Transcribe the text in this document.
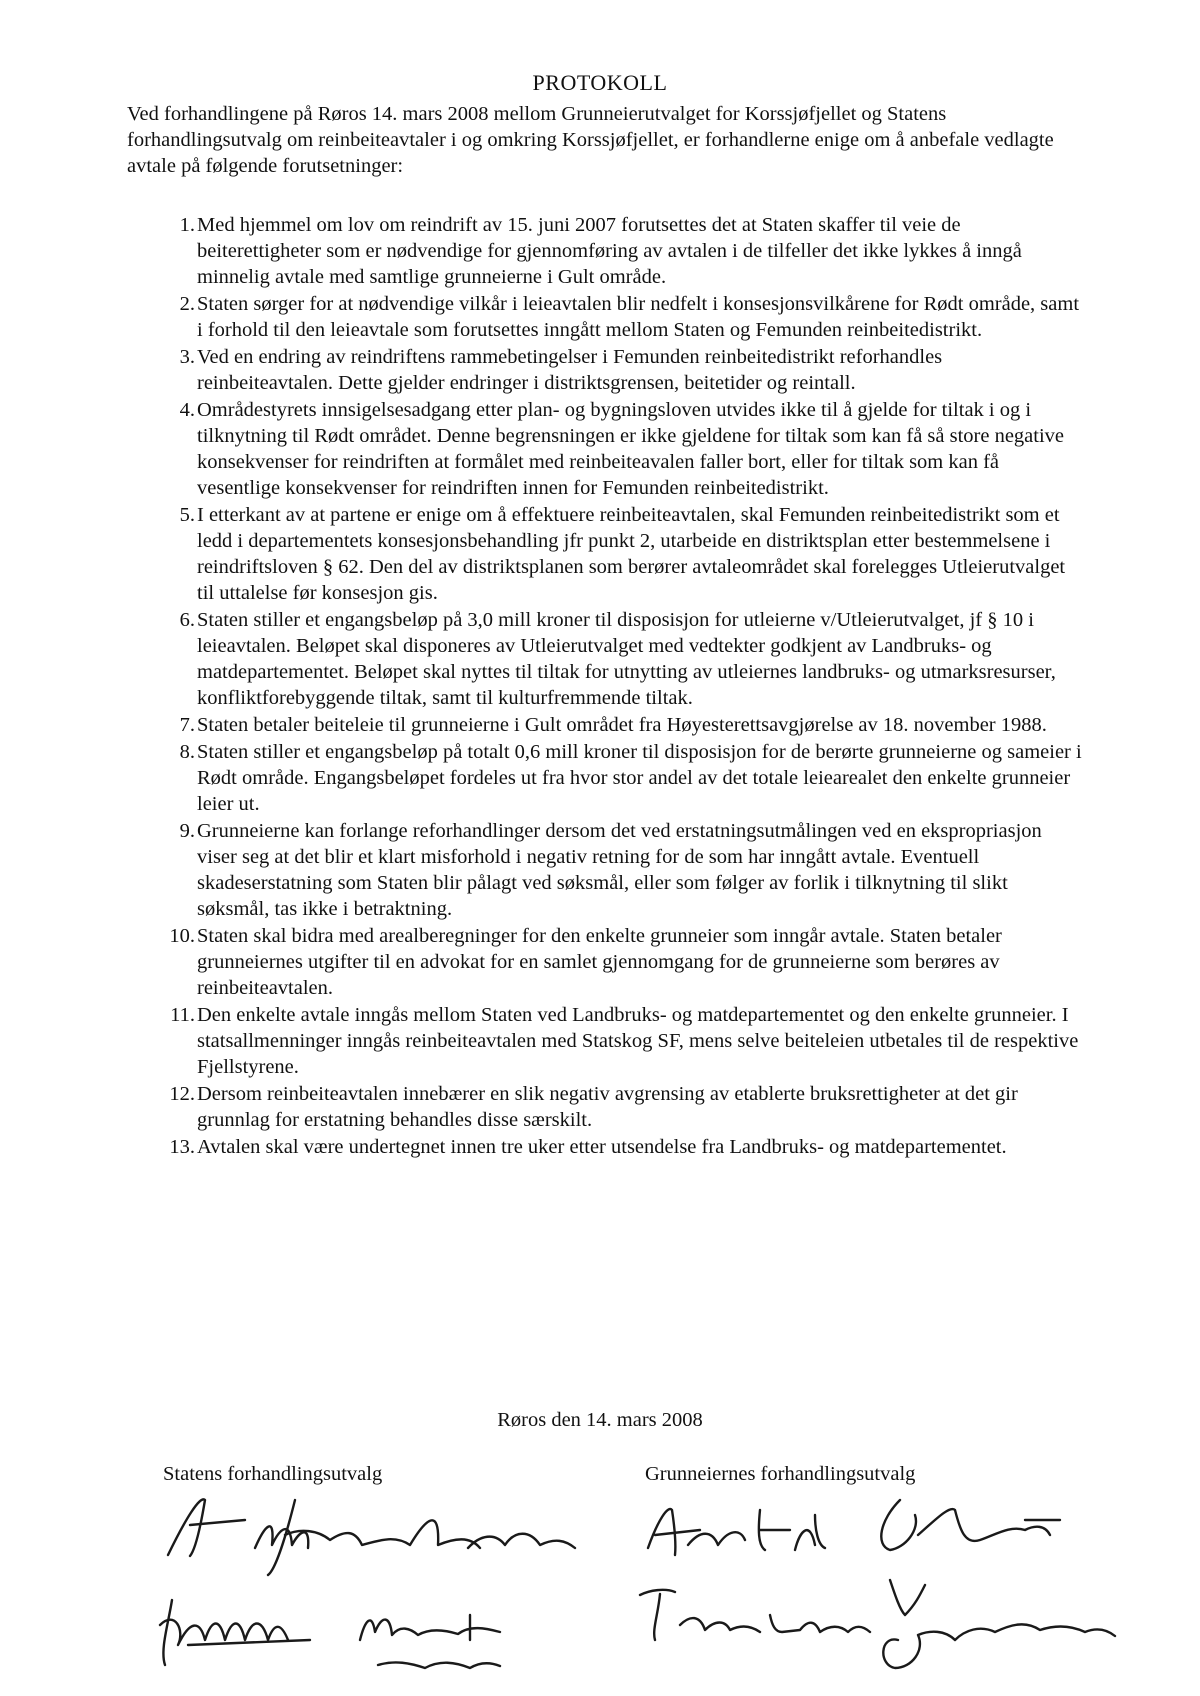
PROTOKOLL

Ved forhandlingene på Røros 14. mars 2008 mellom Grunneierutvalget for Korssjøfjellet og Statens forhandlingsutvalg om reinbeiteavtaler i og omkring Korssjøfjellet, er forhandlerne enige om å anbefale vedlagte avtale på følgende forutsetninger:

1. Med hjemmel om lov om reindrift av 15. juni 2007 forutsettes det at Staten skaffer til veie de beiterettigheter som er nødvendige for gjennomføring av avtalen i de tilfeller det ikke lykkes å inngå minnelig avtale med samtlige grunneierne i Gult område.
2. Staten sørger for at nødvendige vilkår i leieavtalen blir nedfelt i konsesjonsvilkårene for Rødt område, samt i forhold til den leieavtale som forutsettes inngått mellom Staten og Femunden reinbeitedistrikt.
3. Ved en endring av reindriftens rammebetingelser i Femunden reinbeitedistrikt reforhandles reinbeiteavtalen. Dette gjelder endringer i distriktsgrensen, beitetider og reintall.
4. Områdestyrets innsigelsesadgang etter plan- og bygningsloven utvides ikke til å gjelde for tiltak i og i tilknytning til Rødt området. Denne begrensningen er ikke gjeldene for tiltak som kan få så store negative konsekvenser for reindriften at formålet med reinbeiteavalen faller bort, eller for tiltak som kan få vesentlige konsekvenser for reindriften innen for Femunden reinbeitedistrikt.
5. I etterkant av at partene er enige om å effektuere reinbeiteavtalen, skal Femunden reinbeitedistrikt som et ledd i departementets konsesjonsbehandling jfr punkt 2, utarbeide en distriktsplan etter bestemmelsene i reindriftsloven § 62. Den del av distriktsplanen som berører avtaleområdet skal forelegges Utleierutvalget til uttalelse før konsesjon gis.
6. Staten stiller et engangsbeløp på 3,0 mill kroner til disposisjon for utleierne v/Utleierutvalget, jf § 10 i leieavtalen. Beløpet skal disponeres av Utleierutvalget med vedtekter godkjent av Landbruks- og matdepartementet. Beløpet skal nyttes til tiltak for utnytting av utleiernes landbruks- og utmarksresurser, konfliktforebyggende tiltak, samt til kulturfremmende tiltak.
7. Staten betaler beiteleie til grunneierne i Gult området fra Høyesterettsavgjørelse av 18. november 1988.
8. Staten stiller et engangsbeløp på totalt 0,6 mill kroner til disposisjon for de berørte grunneierne og sameier i Rødt område. Engangsbeløpet fordeles ut fra hvor stor andel av det totale leiearealet den enkelte grunneier leier ut.
9. Grunneierne kan forlange reforhandlinger dersom det ved erstatningsutmålingen ved en ekspropriasjon viser seg at det blir et klart misforhold i negativ retning for de som har inngått avtale. Eventuell skadeserstatning som Staten blir pålagt ved søksmål, eller som følger av forlik i tilknytning til slikt søksmål, tas ikke i betraktning.
10. Staten skal bidra med arealberegninger for den enkelte grunneier som inngår avtale. Staten betaler grunneiernes utgifter til en advokat for en samlet gjennomgang for de grunneierne som berøres av reinbeiteavtalen.
11. Den enkelte avtale inngås mellom Staten ved Landbruks- og matdepartementet og den enkelte grunneier. I statsallmenninger inngås reinbeiteavtalen med Statskog SF, mens selve beiteleien utbetales til de respektive Fjellstyrene.
12. Dersom reinbeiteavtalen innebærer en slik negativ avgrensing av etablerte bruksrettigheter at det gir grunnlag for erstatning behandles disse særskilt.
13. Avtalen skal være undertegnet innen tre uker etter utsendelse fra Landbruks- og matdepartementet.
Røros den 14. mars 2008
Statens forhandlingsutvalg	Grunneiernes forhandlingsutvalg
